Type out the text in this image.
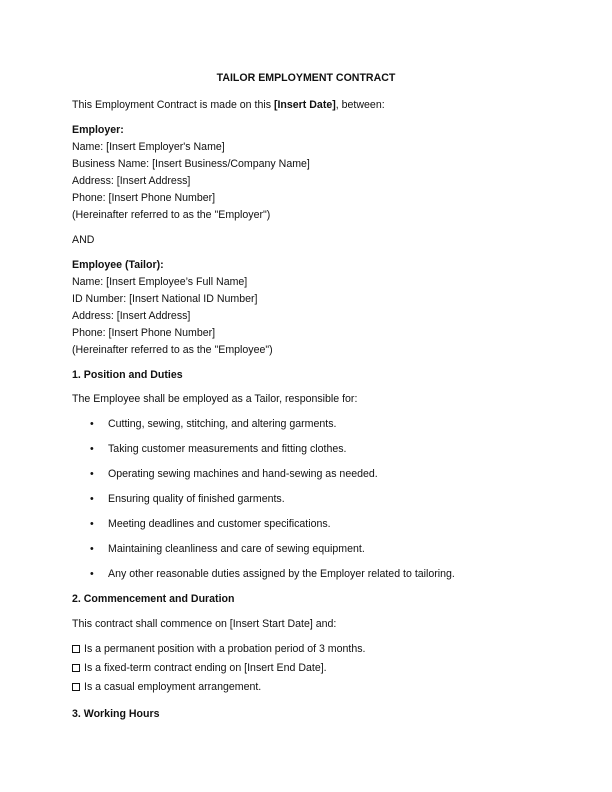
TAILOR EMPLOYMENT CONTRACT
This Employment Contract is made on this [Insert Date], between:
Employer:
Name: [Insert Employer's Name]
Business Name: [Insert Business/Company Name]
Address: [Insert Address]
Phone: [Insert Phone Number]
(Hereinafter referred to as the "Employer")
AND
Employee (Tailor):
Name: [Insert Employee’s Full Name]
ID Number: [Insert National ID Number]
Address: [Insert Address]
Phone: [Insert Phone Number]
(Hereinafter referred to as the "Employee")
1. Position and Duties
The Employee shall be employed as a Tailor, responsible for:
• Cutting, sewing, stitching, and altering garments.
• Taking customer measurements and fitting clothes.
• Operating sewing machines and hand-sewing as needed.
• Ensuring quality of finished garments.
• Meeting deadlines and customer specifications.
• Maintaining cleanliness and care of sewing equipment.
• Any other reasonable duties assigned by the Employer related to tailoring.
2. Commencement and Duration
This contract shall commence on [Insert Start Date] and:
Is a permanent position with a probation period of 3 months.
Is a fixed-term contract ending on [Insert End Date].
Is a casual employment arrangement.
3. Working Hours
